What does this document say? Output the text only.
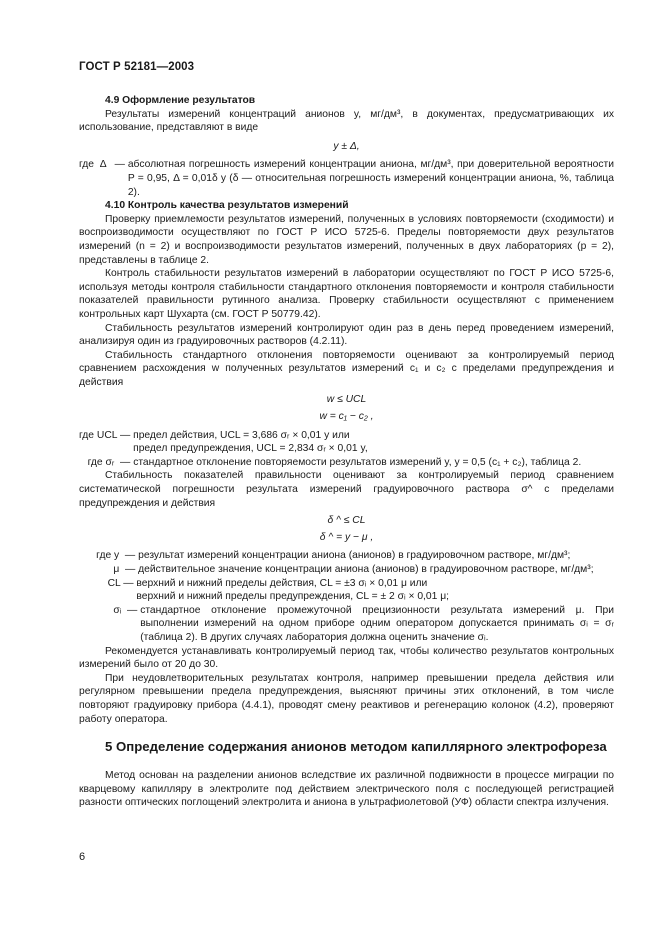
ГОСТ Р 52181—2003
4.9 Оформление результатов

Результаты измерений концентраций анионов y, мг/дм³, в документах, предусматривающих их использование, представляют в виде

y ± Δ,

где  Δ   — абсолютная погрешность измерений концентрации аниона, мг/дм³, при доверительной вероятности P = 0,95, Δ = 0,01δ y (δ — относительная погрешность измерений концентрации аниона, %, таблица 2).
4.10 Контроль качества результатов измерений

Проверку приемлемости результатов измерений, полученных в условиях повторяемости (сходимости) и воспроизводимости осуществляют по ГОСТ Р ИСО 5725-6. Пределы повторяемости двух результатов измерений (n = 2) и воспроизводимости результатов измерений, полученных в двух лабораториях (p = 2), представлены в таблице 2.

Контроль стабильности результатов измерений в лаборатории осуществляют по ГОСТ Р ИСО 5725-6, используя методы контроля стабильности стандартного отклонения повторяемости и контроля стабильности показателей правильности рутинного анализа. Проверку стабильности осуществляют с применением контрольных карт Шухарта (см. ГОСТ Р 50779.42).

Стабильность результатов измерений контролируют один раз в день перед проведением измерений, анализируя один из градуировочных растворов (4.2.11).

Стабильность стандартного отклонения повторяемости оценивают за контролируемый период сравнением расхождения w полученных результатов измерений c₁ и c₂ с пределами предупреждения и действия

w ≤ UCL

w = c₁ − c₂ ,

где UCL — предел действия, UCL = 3,686 σᵣ × 0,01 y или
предел предупреждения, UCL = 2,834 σᵣ × 0,01 y,
где σᵣ  — стандартное отклонение повторяемости результатов измерений y, y = 0,5 (c₁ + c₂), таблица 2.

Стабильность показателей правильности оценивают за контролируемый период сравнением систематической погрешности результата измерений градуировочного раствора σ^ с пределами предупреждения и действия

δ ^ ≤ CL

δ ^ = y − μ ,

где y  — результат измерений концентрации аниона (анионов) в градуировочном растворе, мг/дм³;
μ  — действительное значение концентрации аниона (анионов) в градуировочном растворе, мг/дм³;
CL — верхний и нижний пределы действия, CL = ±3 σᵢ × 0,01 μ или
верхний и нижний пределы предупреждения, CL = ± 2 σᵢ × 0,01 μ;
σᵢ  — стандартное отклонение промежуточной прецизионности результата измерений μ. При выполнении измерений на одном приборе одним оператором допускается принимать σᵢ = σᵣ (таблица 2). В других случаях лаборатория должна оценить значение σᵢ.

Рекомендуется устанавливать контролируемый период так, чтобы количество результатов контрольных измерений было от 20 до 30.

При неудовлетворительных результатах контроля, например превышении предела действия или регулярном превышении предела предупреждения, выясняют причины этих отклонений, в том числе повторяют градуировку прибора (4.4.1), проводят смену реактивов и регенерацию колонок (4.2), проверяют работу оператора.

5 Определение содержания анионов методом капиллярного электрофореза

Метод основан на разделении анионов вследствие их различной подвижности в процессе миграции по кварцевому капилляру в электролите под действием электрического поля с последующей регистрацией разности оптических поглощений электролита и аниона в ультрафиолетовой (УФ) области спектра излучения.

6
